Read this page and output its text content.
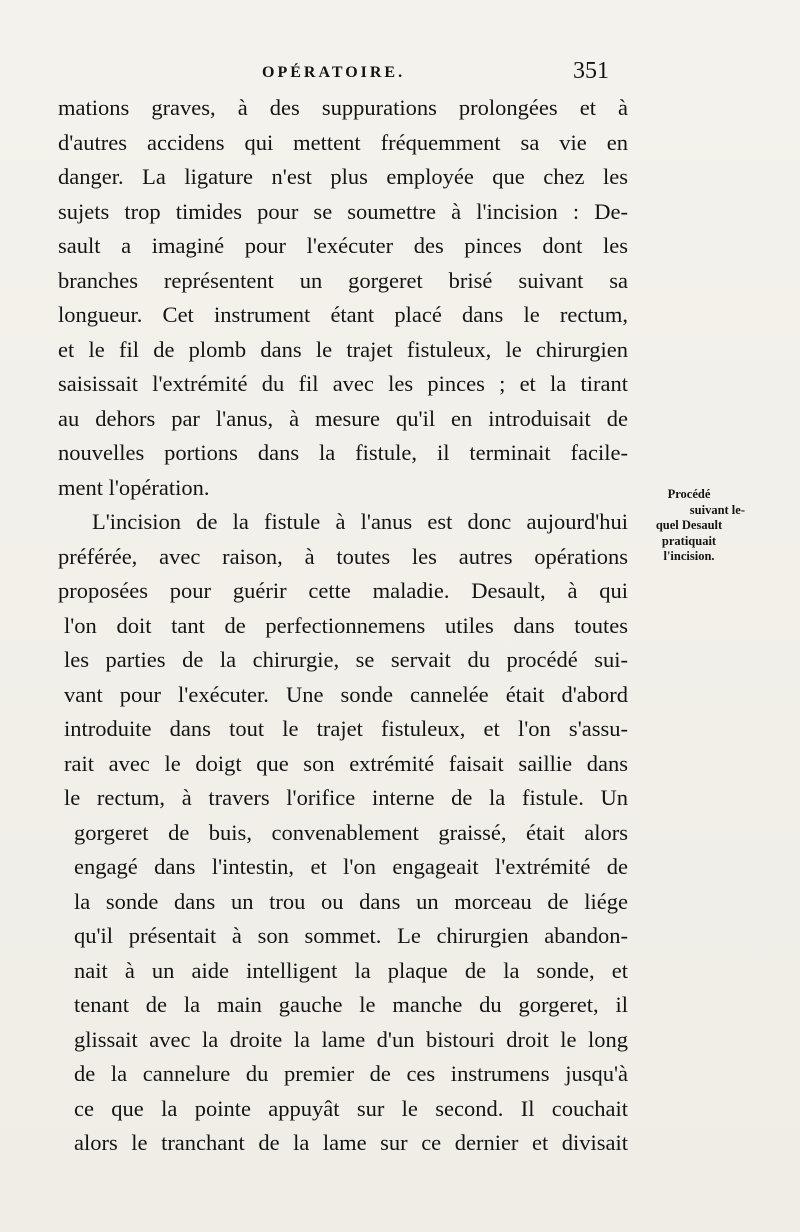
OPÉRATOIRE.	351
mations graves, à des suppurations prolongées et à
d'autres accidens qui mettent fréquemment sa vie en
danger. La ligature n'est plus employée que chez les
sujets trop timides pour se soumettre à l'incision : De-
sault a imaginé pour l'exécuter des pinces dont les
branches représentent un gorgeret brisé suivant sa
longueur. Cet instrument étant placé dans le rectum,
et le fil de plomb dans le trajet fistuleux, le chirurgien
saisissait l'extrémité du fil avec les pinces ; et la tirant
au dehors par l'anus, à mesure qu'il en introduisait de
nouvelles portions dans la fistule, il terminait facile-
ment l'opération.
L'incision de la fistule à l'anus est donc aujourd'hui
préférée, avec raison, à toutes les autres opérations
proposées pour guérir cette maladie. Desault, à qui
l'on doit tant de perfectionnemens utiles dans toutes
les parties de la chirurgie, se servait du procédé sui-
vant pour l'exécuter. Une sonde cannelée était d'abord
introduite dans tout le trajet fistuleux, et l'on s'assu-
rait avec le doigt que son extrémité faisait saillie dans
le rectum, à travers l'orifice interne de la fistule. Un
gorgeret de buis, convenablement graissé, était alors
engagé dans l'intestin, et l'on engageait l'extrémité de
la sonde dans un trou ou dans un morceau de liége
qu'il présentait à son sommet. Le chirurgien abandon-
nait à un aide intelligent la plaque de la sonde, et
tenant de la main gauche le manche du gorgeret, il
glissait avec la droite la lame d'un bistouri droit le long
de la cannelure du premier de ces instrumens jusqu'à
ce que la pointe appuyât sur le second. Il couchait
alors le tranchant de la lame sur ce dernier et divisait
Procédé
suivant le-
quel Desault
pratiquait
l'incision.
